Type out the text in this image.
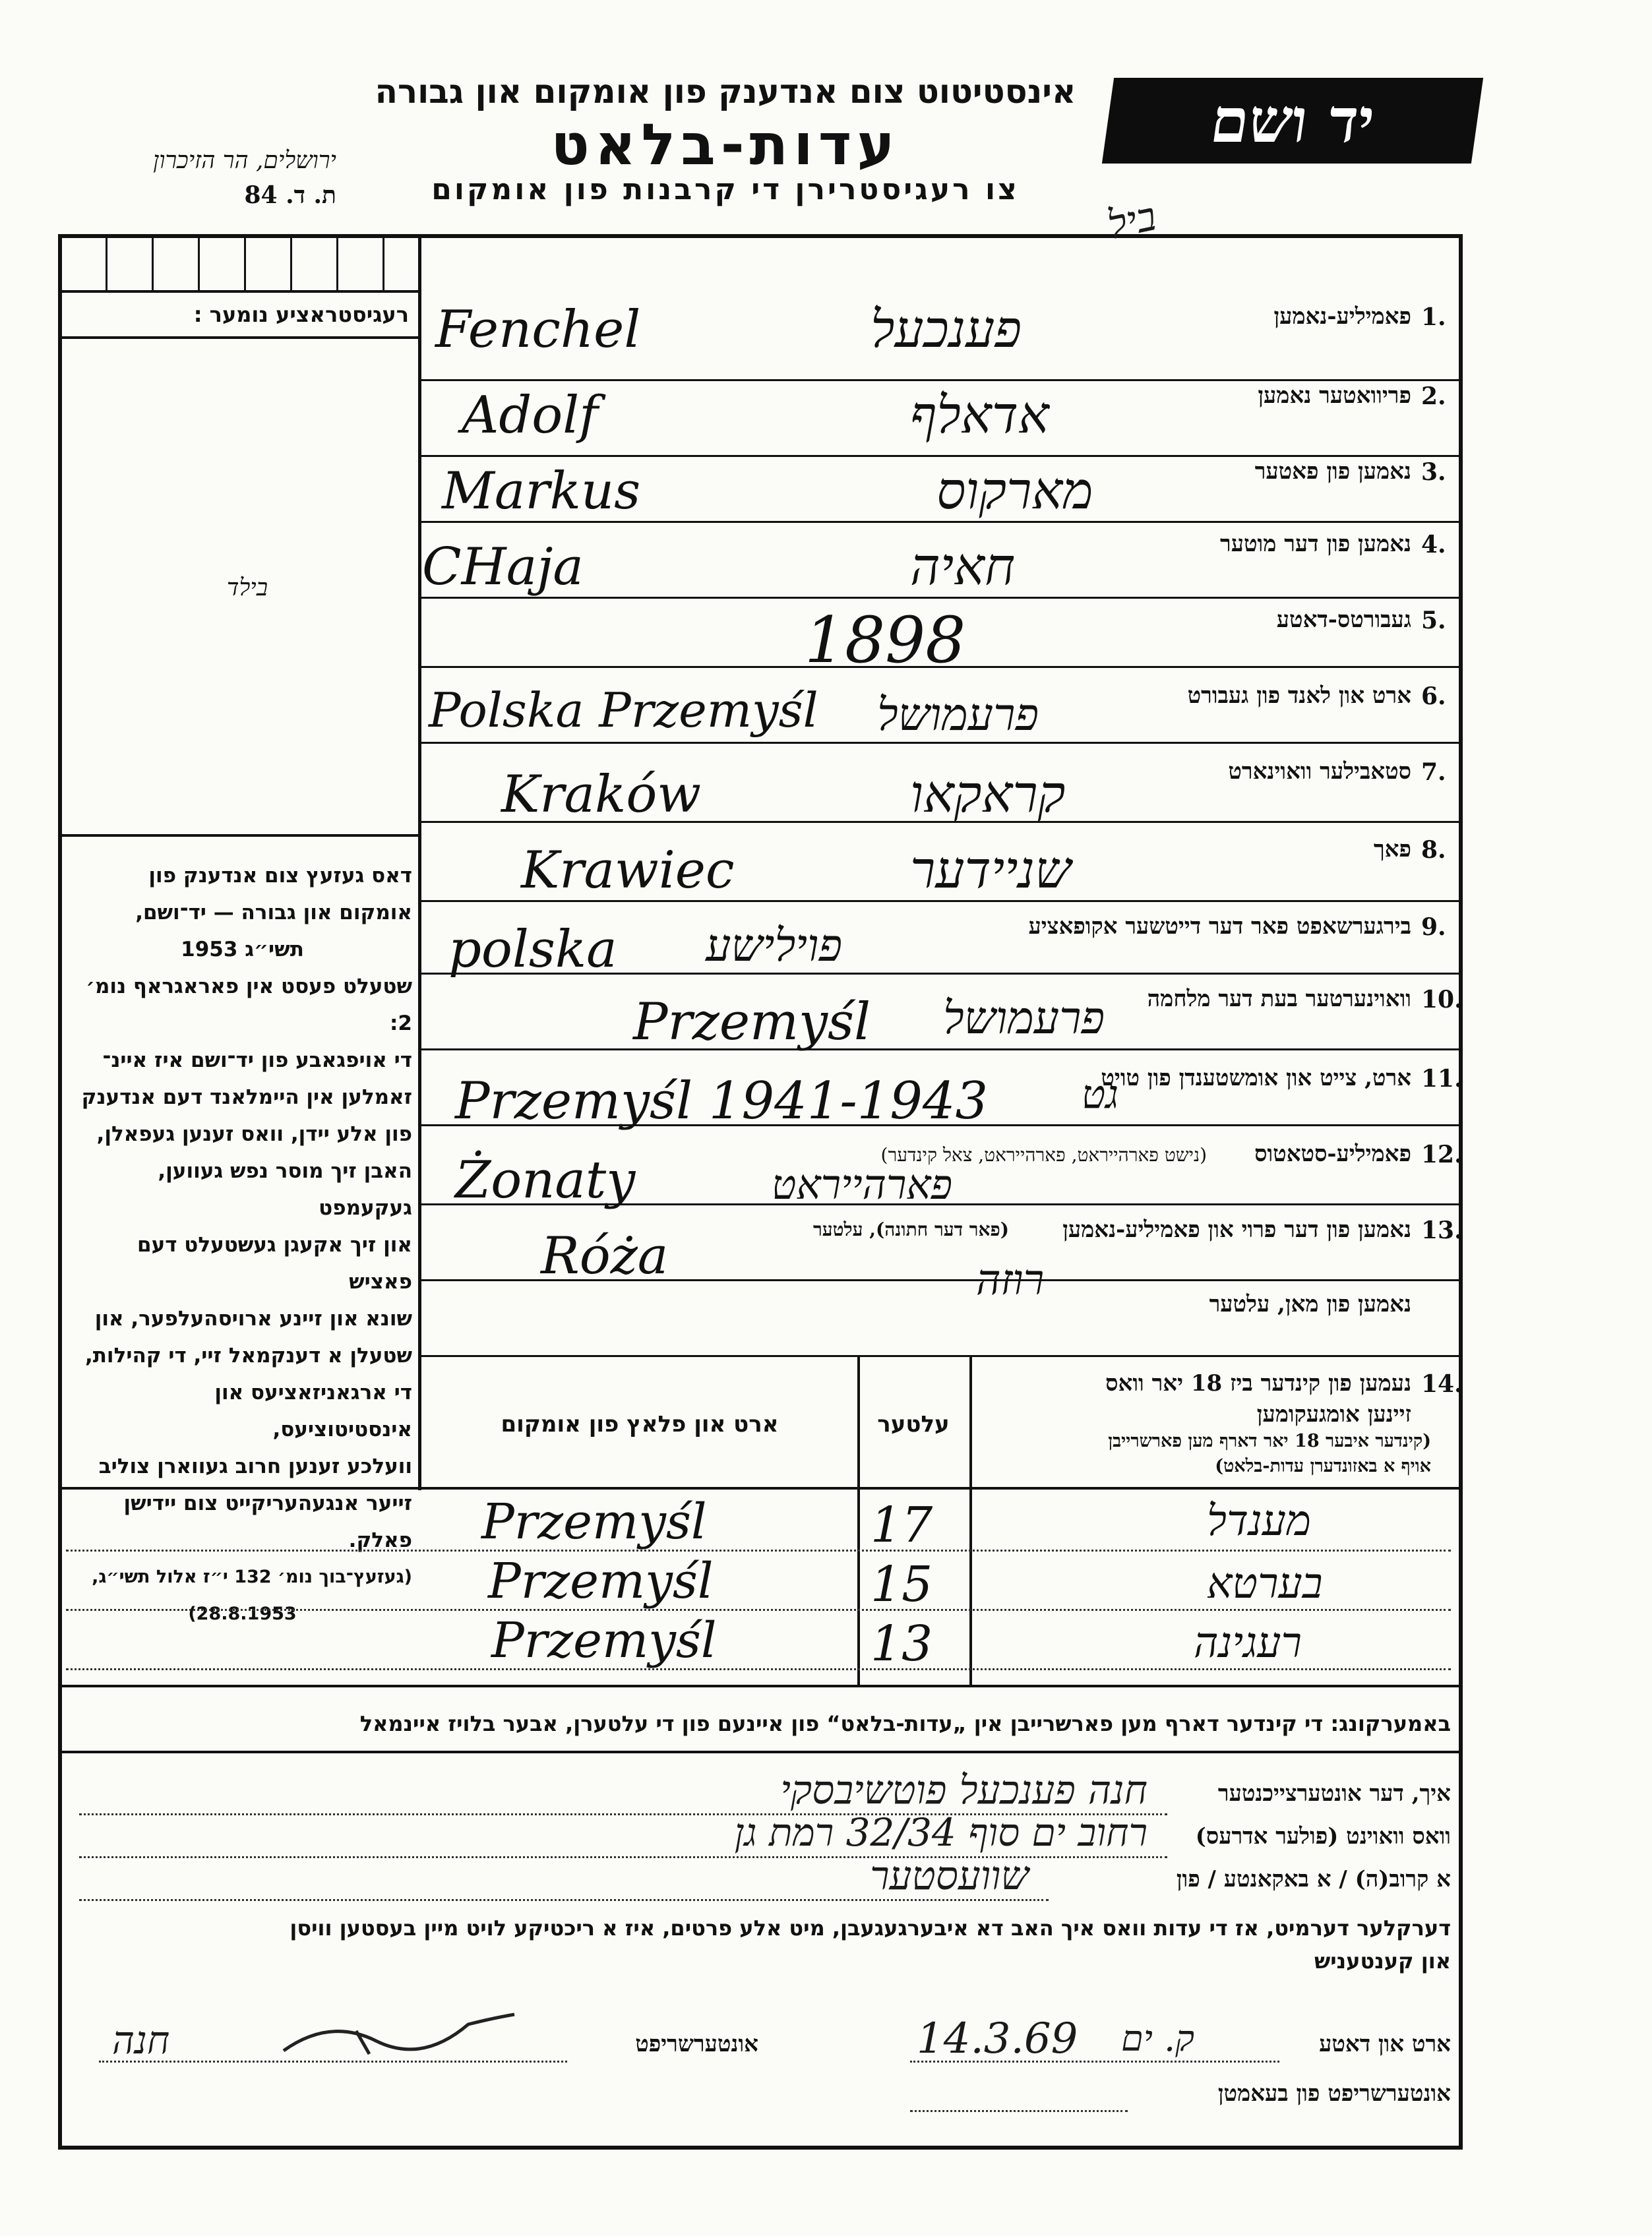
יד ושם
אינסטיטוט צום אנדענק פון אומקום און גבורה
עדות-בלאט
צו רעגיסטרירן די קרבנות פון אומקום
ירושלים, הר הזיכרון
ת. ד. 84
רעגיסטראציע נומער :
בילד
דאס געזעץ צום אנדענק פון
אומקום און גבורה — יד־ושם,
תשי״ג 1953
שטעלט פעסט אין פאראגראף נומ׳ 2:
די אויפגאבע פון יד־ושם איז איינ־
זאמלען אין היימלאנד דעם אנדענק
פון אלע יידן, וואס זענען געפאלן,
האבן זיך מוסר נפש געווען, געקעמפט
און זיך אקעגן געשטעלט דעם פאציש
שונא און זיינע ארויסהעלפער, און
שטעלן א דענקמאל זיי, די קהילות,
די ארגאניזאציעס און אינסטיטוציעס,
וועלכע זענען חרוב געווארן צוליב
זייער אנגעהעריקייט צום יידישן פאלק.
(געזעץ־בוך נומ׳ 132 י״ז אלול תשי״ג,
28.8.1953)
1.
פאמיליע-נאמען
Fenchel	פענכעל
2.
פריוואטער נאמען
Adolf	אדאלף
3.
נאמען פון פאטער
Markus	מארקוס
4.
נאמען פון דער מוטער
CHaja	חאיה
5.
געבורטס-דאטע
1898
6.
ארט און לאנד פון געבורט
Polska Przemyśl פרעמושל
7.
סטאבילער וואוינארט
Kraków	קראקאו
8.
פאך
Krawiec	שניידער
9.
בירגערשאפט פאר דער דייטשער אקופאציע
polska פוילישע
10.
וואוינערטער בעת דער מלחמה
Przemyśl פרעמושל
11.
ארט, צייט און אומשטענדן פון טויט
Przemyśl 1941-1943 גט
12.
פאמיליע-סטאטוס
(נישט פארהייראט, פארהייראט, צאל קינדער)
Żonaty	פארהייראט
13.
נאמען פון דער פרוי און פאמיליע-נאמען
(פאר דער חתונה), עלטער
Róża	רוזה	נאמען פון מאן, עלטער
ביל
14.
נעמען פון קינדער ביז 18 יאר וואס
זיינען אומגעקומען
(קינדער איבער 18 יאר דארף מען פארשרייבן
אויף א באזונדערן עדות-בלאט)
עלטער
ארט און פלאץ פון אומקום
Przemyśl	17	מענדל
Przemyśl	15	בערטא
Przemyśl	13	רעגינה
באמערקונג: די קינדער דארף מען פארשרייבן אין „עדות-בלאט“ פון איינעם פון די עלטערן, אבער בלויז איינמאל
איך, דער אונטערצייכנטער
חנה פענכעל פוטשיבסקי
וואס וואוינט (פולער אדרעס)
רחוב ים סוף 32/34 רמת גן
א קרוב(ה) / א באקאנטע / פון
שוועסטער
דערקלער דערמיט, אז די עדות וואס איך האב דא איבערגעגעבן, מיט אלע פרטים, איז א ריכטיקע לויט מיין בעסטען וויסן
און קענטעניש
ארט און דאטע
14.3.69 ק. ים
אונטערשריפט
חנה
אונטערשריפט פון בעאמטן
